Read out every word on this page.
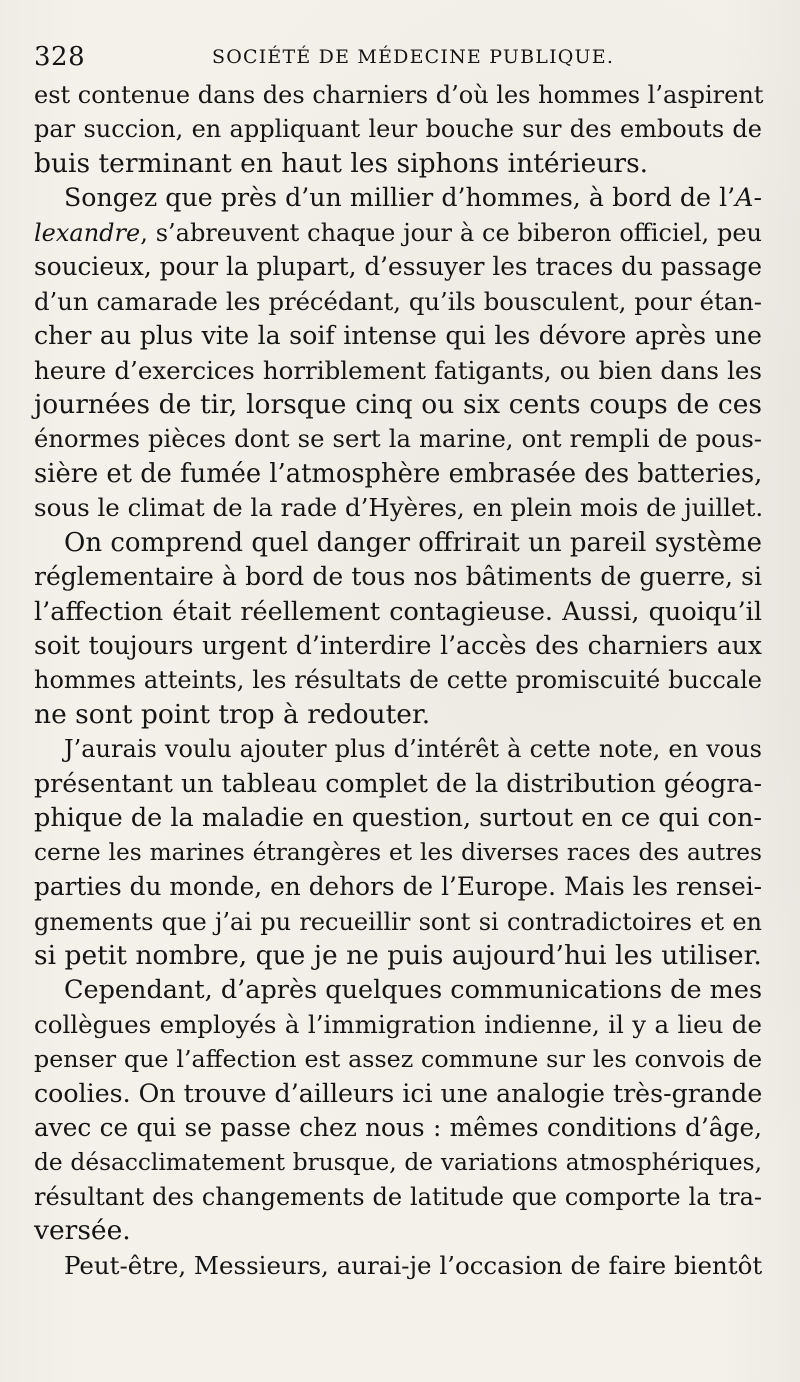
328	SOCIÉTÉ DE MÉDECINE PUBLIQUE.
est contenue dans des charniers d’où les hommes l’aspirent
par succion, en appliquant leur bouche sur des embouts de
buis terminant en haut les siphons intérieurs.
Songez que près d’un millier d’hommes, à bord de l’A-
lexandre, s’abreuvent chaque jour à ce biberon officiel, peu
soucieux, pour la plupart, d’essuyer les traces du passage
d’un camarade les précédant, qu’ils bousculent, pour étan-
cher au plus vite la soif intense qui les dévore après une
heure d’exercices horriblement fatigants, ou bien dans les
journées de tir, lorsque cinq ou six cents coups de ces
énormes pièces dont se sert la marine, ont rempli de pous-
sière et de fumée l’atmosphère embrasée des batteries,
sous le climat de la rade d’Hyères, en plein mois de juillet.
On comprend quel danger offrirait un pareil système
réglementaire à bord de tous nos bâtiments de guerre, si
l’affection était réellement contagieuse. Aussi, quoiqu’il
soit toujours urgent d’interdire l’accès des charniers aux
hommes atteints, les résultats de cette promiscuité buccale
ne sont point trop à redouter.
J’aurais voulu ajouter plus d’intérêt à cette note, en vous
présentant un tableau complet de la distribution géogra-
phique de la maladie en question, surtout en ce qui con-
cerne les marines étrangères et les diverses races des autres
parties du monde, en dehors de l’Europe. Mais les rensei-
gnements que j’ai pu recueillir sont si contradictoires et en
si petit nombre, que je ne puis aujourd’hui les utiliser.
Cependant, d’après quelques communications de mes
collègues employés à l’immigration indienne, il y a lieu de
penser que l’affection est assez commune sur les convois de
coolies. On trouve d’ailleurs ici une analogie très-grande
avec ce qui se passe chez nous : mêmes conditions d’âge,
de désacclimatement brusque, de variations atmosphériques,
résultant des changements de latitude que comporte la tra-
versée.
Peut-être, Messieurs, aurai-je l’occasion de faire bientôt
